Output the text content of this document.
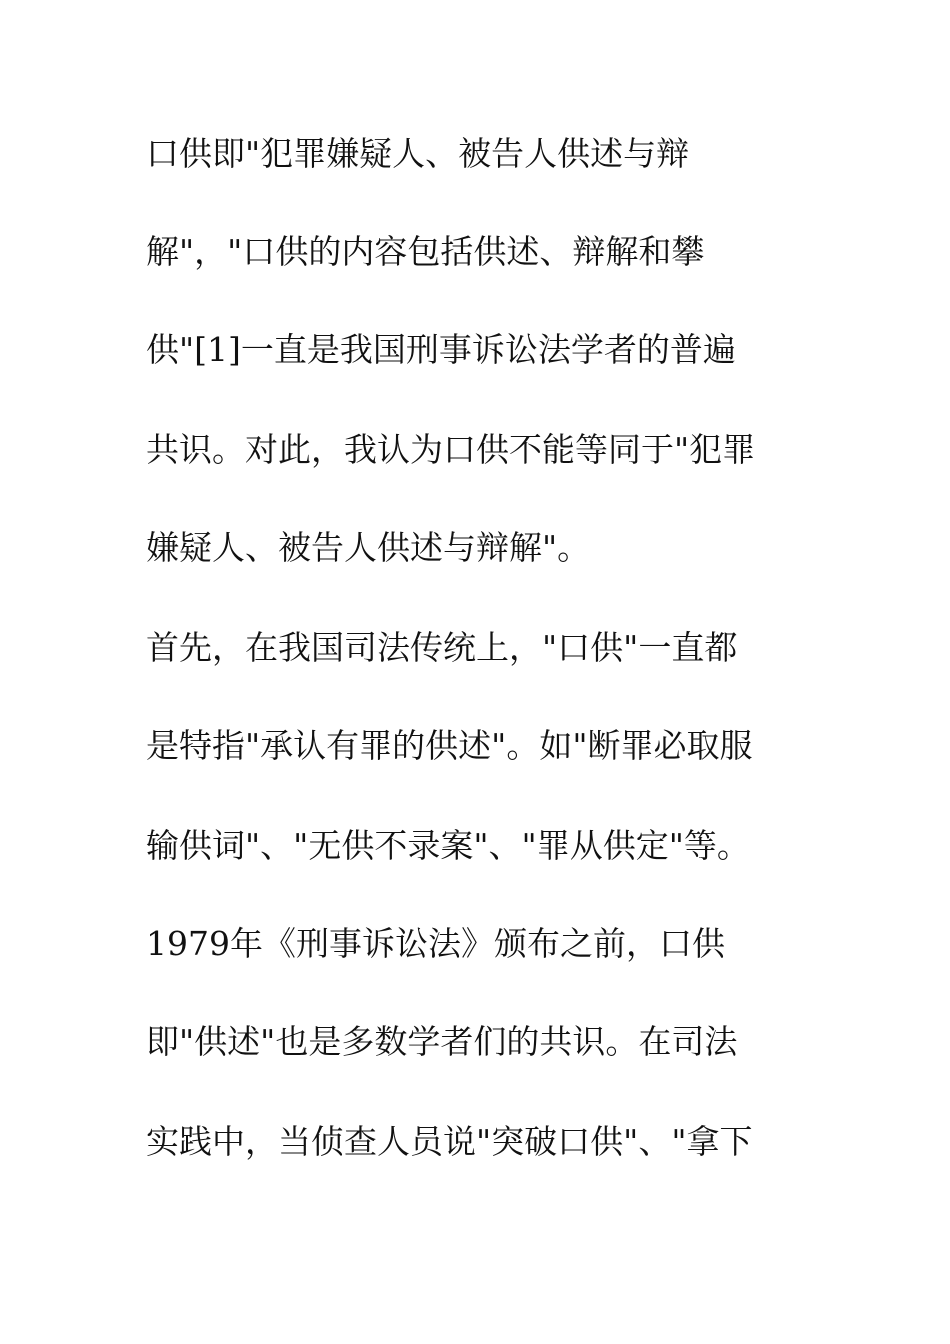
口供即"犯罪嫌疑人、被告人供述与辩
解"，"口供的内容包括供述、辩解和攀
供"[1]一直是我国刑事诉讼法学者的普遍
共识。对此，我认为口供不能等同于"犯罪
嫌疑人、被告人供述与辩解"。
首先，在我国司法传统上，"口供"一直都
是特指"承认有罪的供述"。如"断罪必取服
输供词"、"无供不录案"、"罪从供定"等。
1979年《刑事诉讼法》颁布之前，口供
即"供述"也是多数学者们的共识。在司法
实践中，当侦查人员说"突破口供"、"拿下
